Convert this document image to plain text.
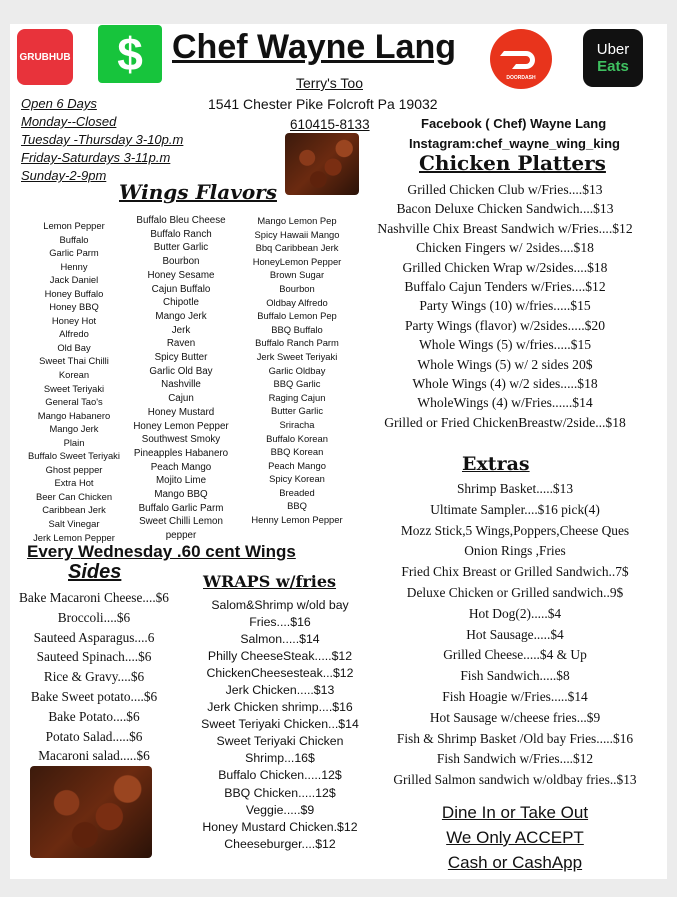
GRUBHUB $	DOORDASH
Uber
Eats
Chef Wayne Lang
Terry's Too
1541 Chester Pike Folcroft Pa 19032
610415-8133	Facebook ( Chef) Wayne Lang
Instagram:chef_wayne_wing_king
Open 6 Days
Monday--Closed
Tuesday -Thursday 3-10p.m
Friday-Saturdays 3-11p.m
Sunday-2-9pm
Wings Flavors
Lemon Pepper
Buffalo
Garlic Parm
Henny
Jack Daniel
Honey Buffalo
Honey BBQ
Honey Hot
Alfredo
Old Bay
Sweet Thai Chilli
Korean
Sweet Teriyaki
General Tao's
Mango Habanero
Mango Jerk
Plain
Buffalo Sweet Teriyaki
Ghost pepper
Extra Hot
Beer Can Chicken
Caribbean Jerk
Salt Vinegar
Jerk Lemon Pepper
Buffalo Bleu Cheese
Buffalo Ranch
Butter Garlic
Bourbon
Honey Sesame
Cajun Buffalo
Chipotle
Mango Jerk
Jerk
Raven
Spicy Butter
Garlic Old Bay
Nashville
Cajun
Honey Mustard
Honey Lemon Pepper
Southwest Smoky
Pineapples Habanero
Peach Mango
Mojito Lime
Mango BBQ
Buffalo Garlic Parm
Sweet Chilli Lemon
pepper
Mango Lemon Pep
Spicy Hawaii Mango
Bbq Caribbean Jerk
HoneyLemon Pepper
Brown Sugar
Bourbon
Oldbay Alfredo
Buffalo Lemon Pep
BBQ Buffalo
Buffalo Ranch Parm
Jerk Sweet Teriyaki
Garlic Oldbay
BBQ Garlic
Raging Cajun
Butter Garlic
Sriracha
Buffalo Korean
BBQ Korean
Peach Mango
Spicy Korean
Breaded
BBQ
Henny Lemon Pepper
Every Wednesday .60 cent Wings
Sides
Bake Macaroni Cheese....$6
Broccoli....$6
Sauteed Asparagus....6
Sauteed Spinach....$6
Rice & Gravy....$6
Bake Sweet potato....$6
Bake Potato....$6
Potato Salad.....$6
Macaroni salad.....$6
WRAPS w/fries
Salom&Shrimp w/old bay
Fries....$16
Salmon.....$14
Philly CheeseSteak.....$12
ChickenCheesesteak...$12
Jerk Chicken.....$13
Jerk Chicken shrimp....$16
Sweet Teriyaki Chicken...$14
Sweet Teriyaki Chicken
Shrimp...16$
Buffalo Chicken.....12$
BBQ Chicken.....12$
Veggie.....$9
Honey Mustard Chicken.$12
Cheeseburger....$12
Chicken Platters
Grilled Chicken Club w/Fries....$13
Bacon Deluxe Chicken Sandwich....$13
Nashville Chix Breast Sandwich w/Fries....$12
Chicken Fingers w/ 2sides....$18
Grilled Chicken Wrap w/2sides....$18
Buffalo Cajun Tenders w/Fries....$12
Party Wings (10) w/fries.....$15
Party Wings (flavor) w/2sides.....$20
Whole Wings (5) w/fries.....$15
Whole Wings (5) w/ 2 sides 20$
Whole Wings (4) w/2 sides.....$18
WholeWings (4) w/Fries......$14
Grilled or Fried ChickenBreastw/2side...$18
Extras
Shrimp Basket.....$13
Ultimate Sampler....$16 pick(4)
Mozz Stick,5 Wings,Poppers,Cheese Ques
Onion Rings ,Fries
Fried Chix Breast or Grilled Sandwich..7$
Deluxe Chicken or Grilled sandwich..9$
Hot Dog(2).....$4
Hot Sausage.....$4
Grilled Cheese.....$4 & Up
Fish Sandwich.....$8
Fish Hoagie w/Fries.....$14
Hot Sausage w/cheese fries...$9
Fish & Shrimp Basket /Old bay Fries.....$16
Fish Sandwich w/Fries....$12
Grilled Salmon sandwich w/oldbay fries..$13
Dine In or Take Out
We Only ACCEPT
Cash or CashApp
